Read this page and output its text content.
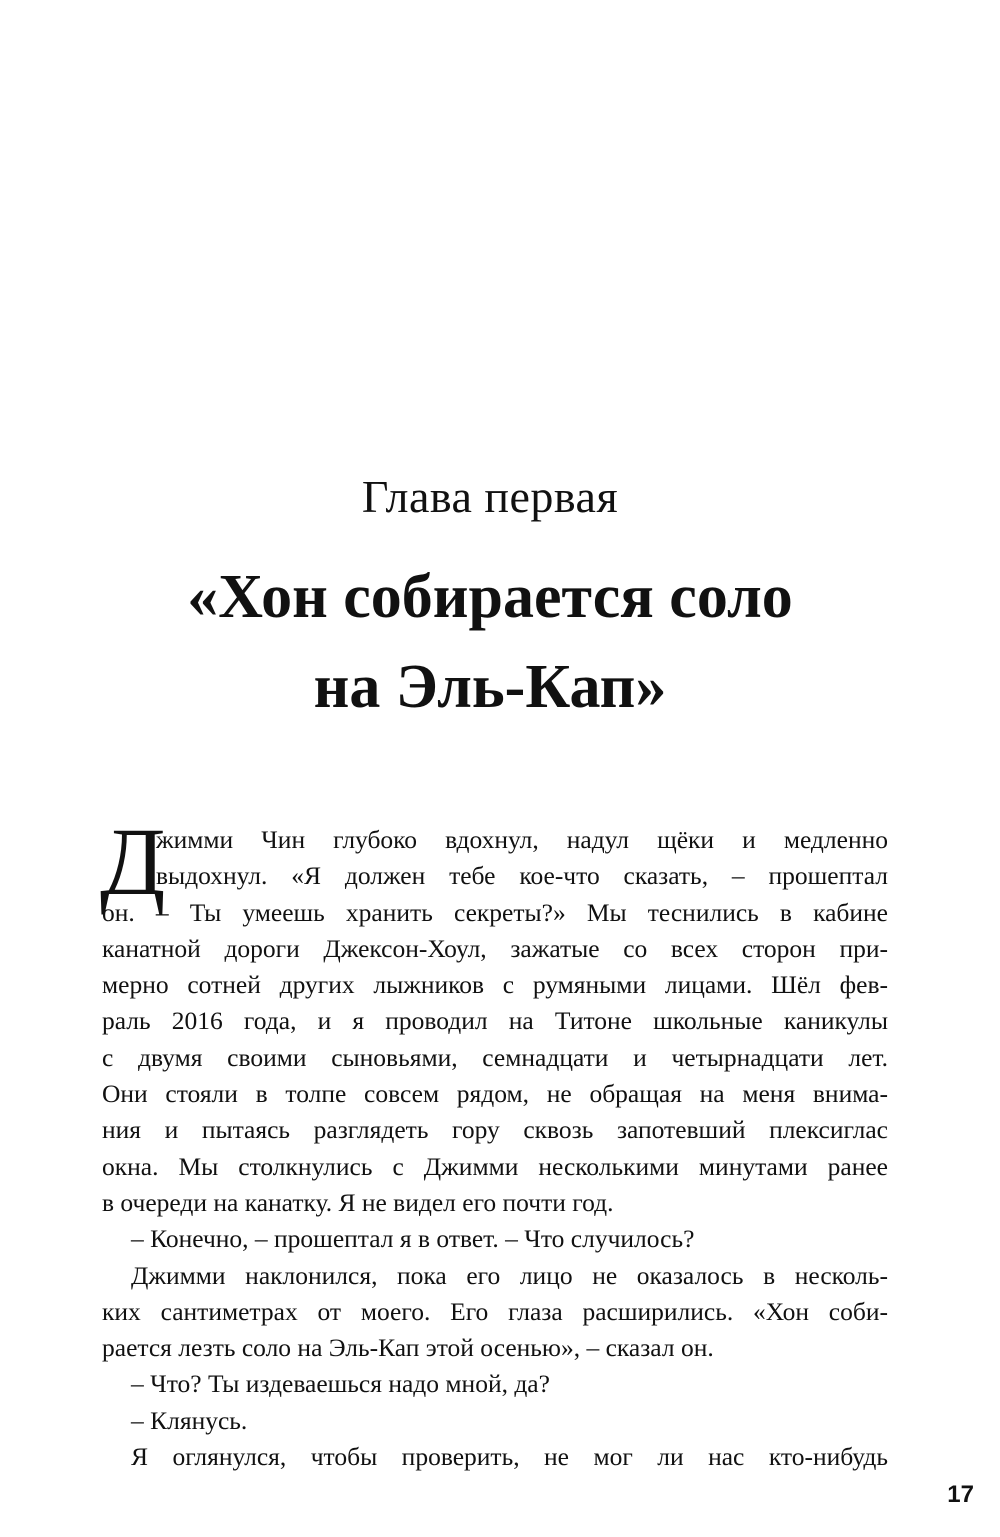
Глава первая
«Хон собирается соло
на Эль-Кап»
Д
жимми Чин глубоко вдохнул, надул щёки и медленно
выдохнул. «Я должен тебе кое-что сказать, – прошептал
он. – Ты умеешь хранить секреты?» Мы теснились в кабине
канатной дороги Джексон-Хоул, зажатые со всех сторон при-
мерно сотней других лыжников с румяными лицами. Шёл фев-
раль 2016 года, и я проводил на Титоне школьные каникулы
с двумя своими сыновьями, семнадцати и четырнадцати лет.
Они стояли в толпе совсем рядом, не обращая на меня внима-
ния и пытаясь разглядеть гору сквозь запотевший плексиглас
окна. Мы столкнулись с Джимми несколькими минутами ранее
в очереди на канатку. Я не видел его почти год.
– Конечно, – прошептал я в ответ. – Что случилось?
Джимми наклонился, пока его лицо не оказалось в несколь-
ких сантиметрах от моего. Его глаза расширились. «Хон соби-
рается лезть соло на Эль-Кап этой осенью», – сказал он.
– Что? Ты издеваешься надо мной, да?
– Клянусь.
Я оглянулся, чтобы проверить, не мог ли нас кто-нибудь
17
